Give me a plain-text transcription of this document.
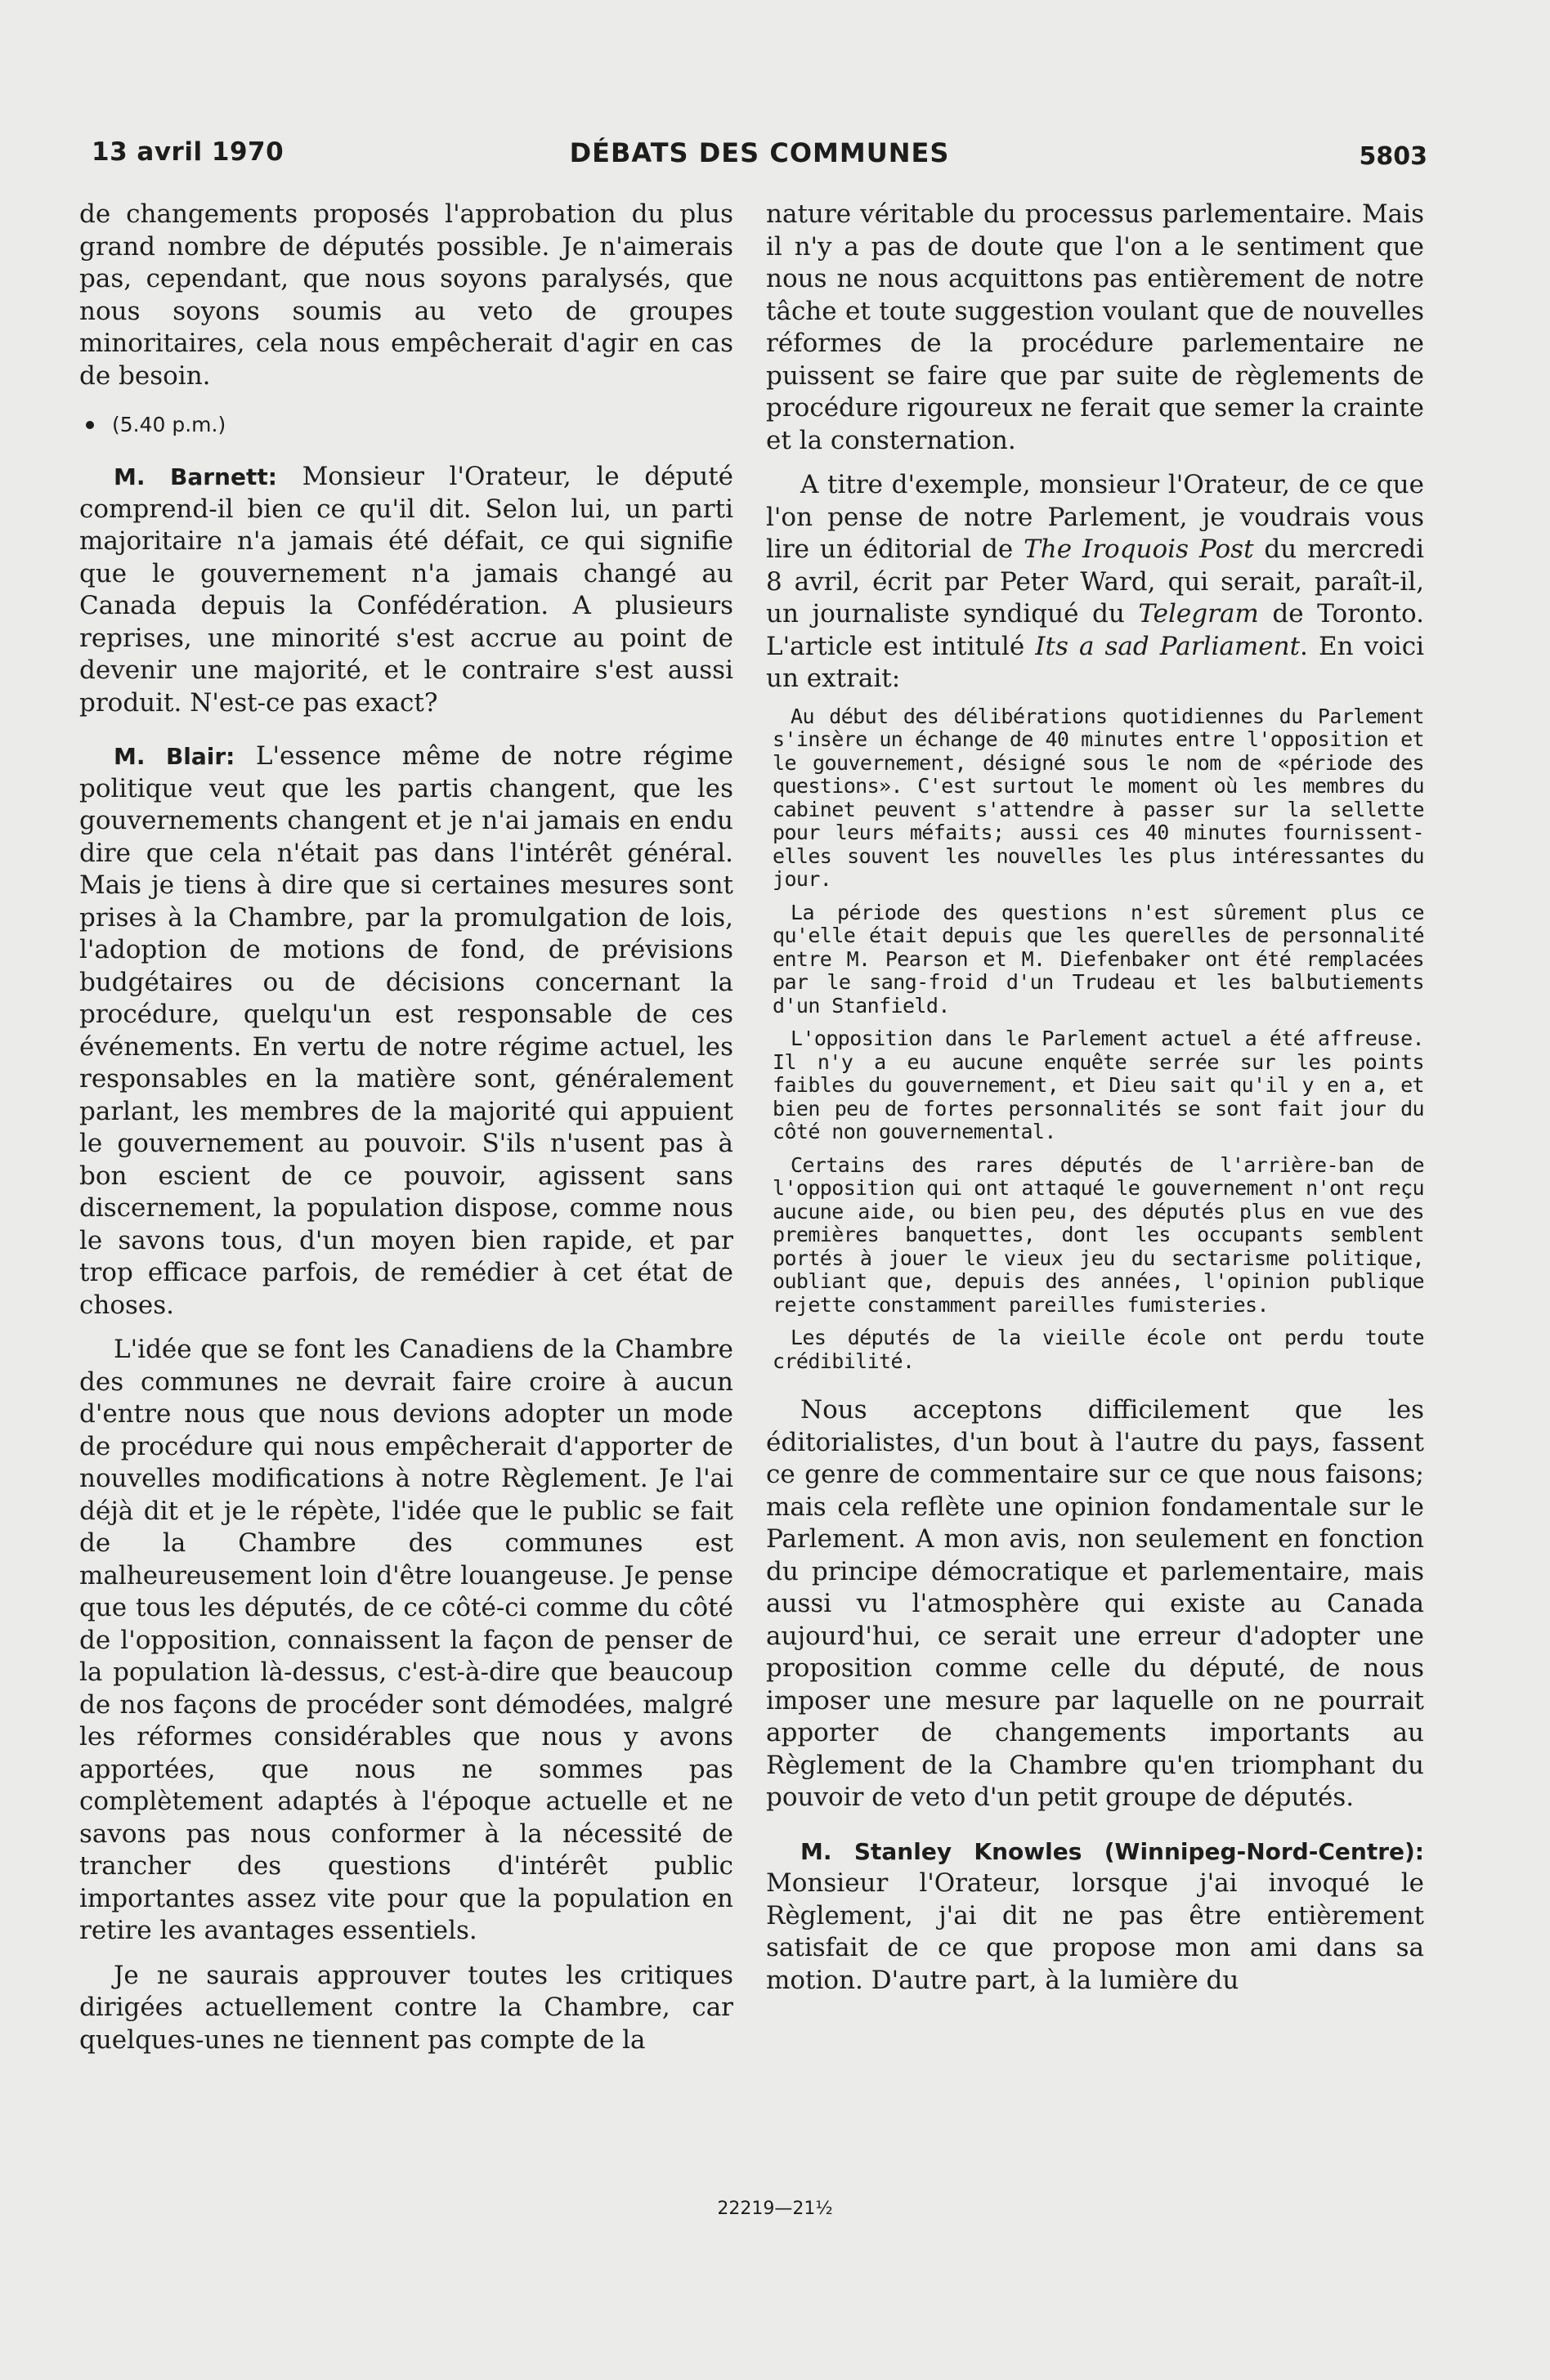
13 avril 1970	DÉBATS DES COMMUNES	5803

de changements proposés l'approbation du plus grand nombre de députés possible. Je n'aimerais pas, cependant, que nous soyons paralysés, que nous soyons soumis au veto de groupes minoritaires, cela nous empêcherait d'agir en cas de besoin.

(5.40 p.m.)

M. Barnett: Monsieur l'Orateur, le député comprend-il bien ce qu'il dit. Selon lui, un parti majoritaire n'a jamais été défait, ce qui signifie que le gouvernement n'a jamais changé au Canada depuis la Confédération. A plusieurs reprises, une minorité s'est accrue au point de devenir une majorité, et le contraire s'est aussi produit. N'est-ce pas exact?

M. Blair: L'essence même de notre régime politique veut que les partis changent, que les gouvernements changent et je n'ai jamais en endu dire que cela n'était pas dans l'intérêt général. Mais je tiens à dire que si certaines mesures sont prises à la Chambre, par la promulgation de lois, l'adoption de motions de fond, de prévisions budgétaires ou de décisions concernant la procédure, quelqu'un est responsable de ces événements. En vertu de notre régime actuel, les responsables en la matière sont, généralement parlant, les membres de la majorité qui appuient le gouvernement au pouvoir. S'ils n'usent pas à bon escient de ce pouvoir, agissent sans discernement, la population dispose, comme nous le savons tous, d'un moyen bien rapide, et par trop efficace parfois, de remédier à cet état de choses.

L'idée que se font les Canadiens de la Chambre des communes ne devrait faire croire à aucun d'entre nous que nous devions adopter un mode de procédure qui nous empêcherait d'apporter de nouvelles modifications à notre Règlement. Je l'ai déjà dit et je le répète, l'idée que le public se fait de la Chambre des communes est malheureusement loin d'être louangeuse. Je pense que tous les députés, de ce côté-ci comme du côté de l'opposition, connaissent la façon de penser de la population là-dessus, c'est-à-dire que beaucoup de nos façons de procéder sont démodées, malgré les réformes considérables que nous y avons apportées, que nous ne sommes pas complètement adaptés à l'époque actuelle et ne savons pas nous conformer à la nécessité de trancher des questions d'intérêt public importantes assez vite pour que la population en retire les avantages essentiels.

Je ne saurais approuver toutes les critiques dirigées actuellement contre la Chambre, car quelques-unes ne tiennent pas compte de la

nature véritable du processus parlementaire. Mais il n'y a pas de doute que l'on a le sentiment que nous ne nous acquittons pas entièrement de notre tâche et toute suggestion voulant que de nouvelles réformes de la procédure parlementaire ne puissent se faire que par suite de règlements de procédure rigoureux ne ferait que semer la crainte et la consternation.

A titre d'exemple, monsieur l'Orateur, de ce que l'on pense de notre Parlement, je voudrais vous lire un éditorial de The Iroquois Post du mercredi 8 avril, écrit par Peter Ward, qui serait, paraît-il, un journaliste syndiqué du Telegram de Toronto. L'article est intitulé Its a sad Parliament. En voici un extrait:

Au début des délibérations quotidiennes du Parlement s'insère un échange de 40 minutes entre l'opposition et le gouvernement, désigné sous le nom de «période des questions». C'est surtout le moment où les membres du cabinet peuvent s'attendre à passer sur la sellette pour leurs méfaits; aussi ces 40 minutes fournissent-elles souvent les nouvelles les plus intéressantes du jour.

La période des questions n'est sûrement plus ce qu'elle était depuis que les querelles de personnalité entre M. Pearson et M. Diefenbaker ont été remplacées par le sang-froid d'un Trudeau et les balbutiements d'un Stanfield.

L'opposition dans le Parlement actuel a été affreuse. Il n'y a eu aucune enquête serrée sur les points faibles du gouvernement, et Dieu sait qu'il y en a, et bien peu de fortes personnalités se sont fait jour du côté non gouvernemental.

Certains des rares députés de l'arrière-ban de l'opposition qui ont attaqué le gouvernement n'ont reçu aucune aide, ou bien peu, des députés plus en vue des premières banquettes, dont les occupants semblent portés à jouer le vieux jeu du sectarisme politique, oubliant que, depuis des années, l'opinion publique rejette constamment pareilles fumisteries.

Les députés de la vieille école ont perdu toute crédibilité.

Nous acceptons difficilement que les éditorialistes, d'un bout à l'autre du pays, fassent ce genre de commentaire sur ce que nous faisons; mais cela reflète une opinion fondamentale sur le Parlement. A mon avis, non seulement en fonction du principe démocratique et parlementaire, mais aussi vu l'atmosphère qui existe au Canada aujourd'hui, ce serait une erreur d'adopter une proposition comme celle du député, de nous imposer une mesure par laquelle on ne pourrait apporter de changements importants au Règlement de la Chambre qu'en triomphant du pouvoir de veto d'un petit groupe de députés.

M. Stanley Knowles (Winnipeg-Nord-Centre): Monsieur l'Orateur, lorsque j'ai invoqué le Règlement, j'ai dit ne pas être entièrement satisfait de ce que propose mon ami dans sa motion. D'autre part, à la lumière du

22219—21½
